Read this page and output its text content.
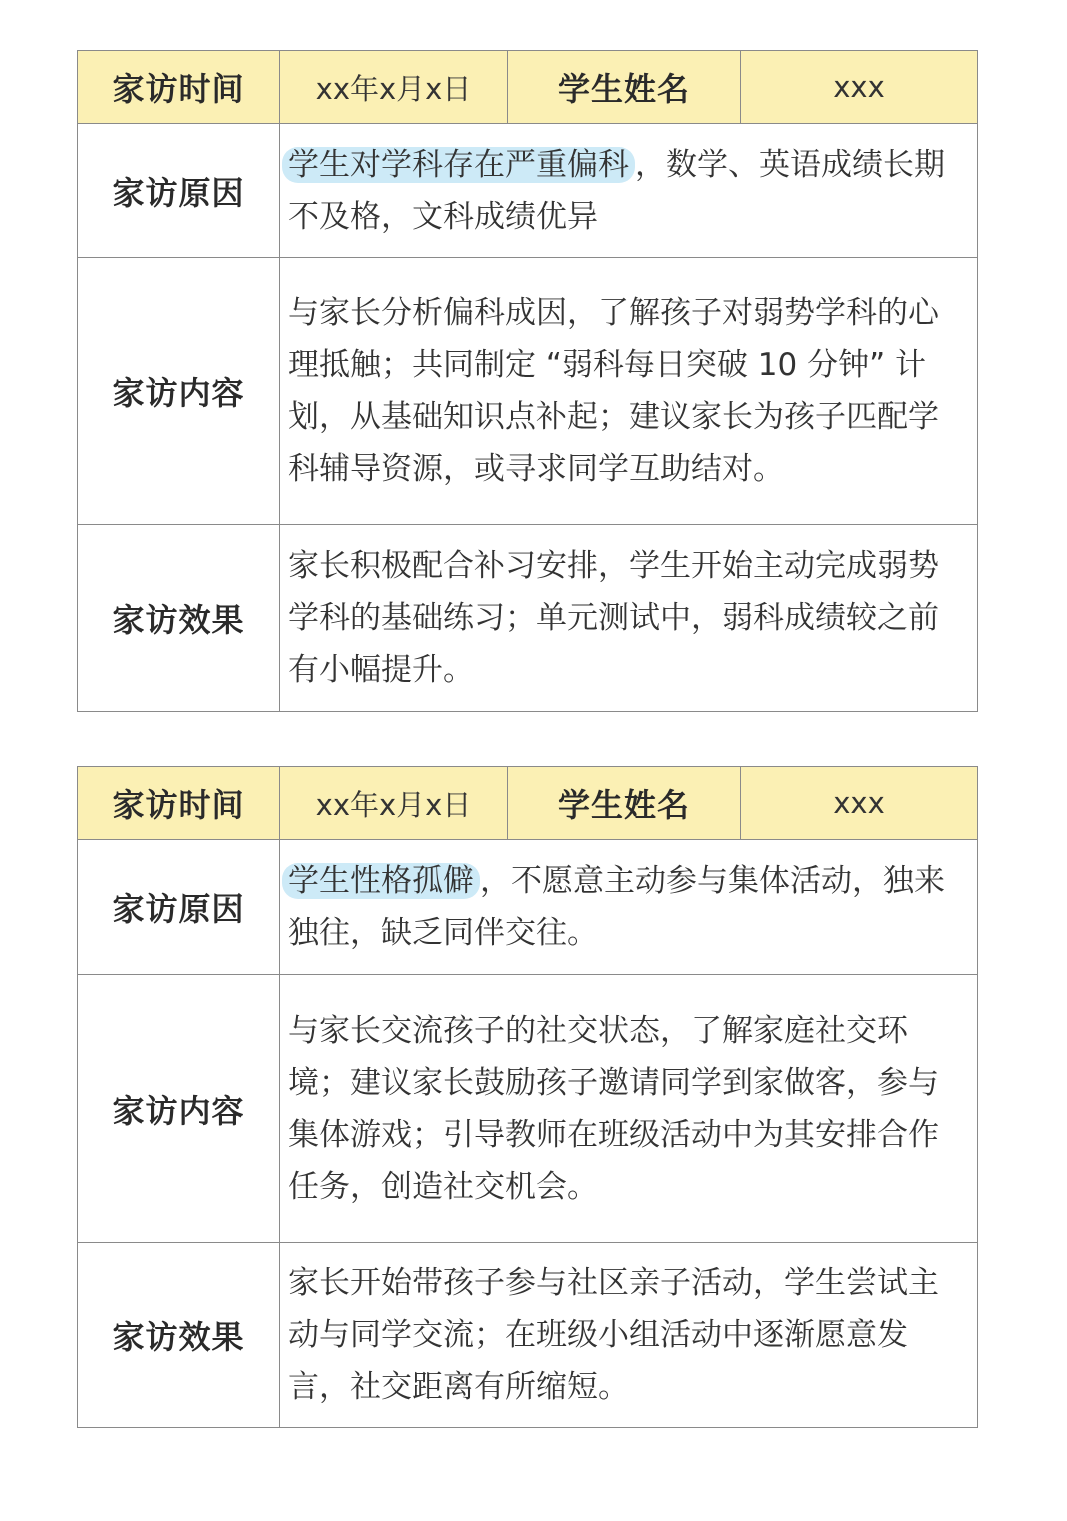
家访时间	xx年x月x日	学生姓名	xxx
家访原因	学生对学科存在严重偏科 ，数学、英语成绩长期不及格，文科成绩优异		

家访内容	与家长分析偏科成因，了解孩子对弱势学科的心理抵触；共同制定 “弱科每日突破 10 分钟” 计划，从基础知识点补起；建议家长为孩子匹配学科辅导资源，或寻求同学互助结对。		
家访效果	家长积极配合补习安排，学生开始主动完成弱势学科的基础练习；单元测试中，弱科成绩较之前有小幅提升。		
家访时间	xx年x月x日	学生姓名	xxx
家访原因	学生性格孤僻 ，不愿意主动参与集体活动，独来独往，缺乏同伴交往。		

家访内容	与家长交流孩子的社交状态，了解家庭社交环境；建议家长鼓励孩子邀请同学到家做客，参与集体游戏；引导教师在班级活动中为其安排合作任务，创造社交机会。		
家访效果	家长开始带孩子参与社区亲子活动，学生尝试主动与同学交流；在班级小组活动中逐渐愿意发言，社交距离有所缩短。		
